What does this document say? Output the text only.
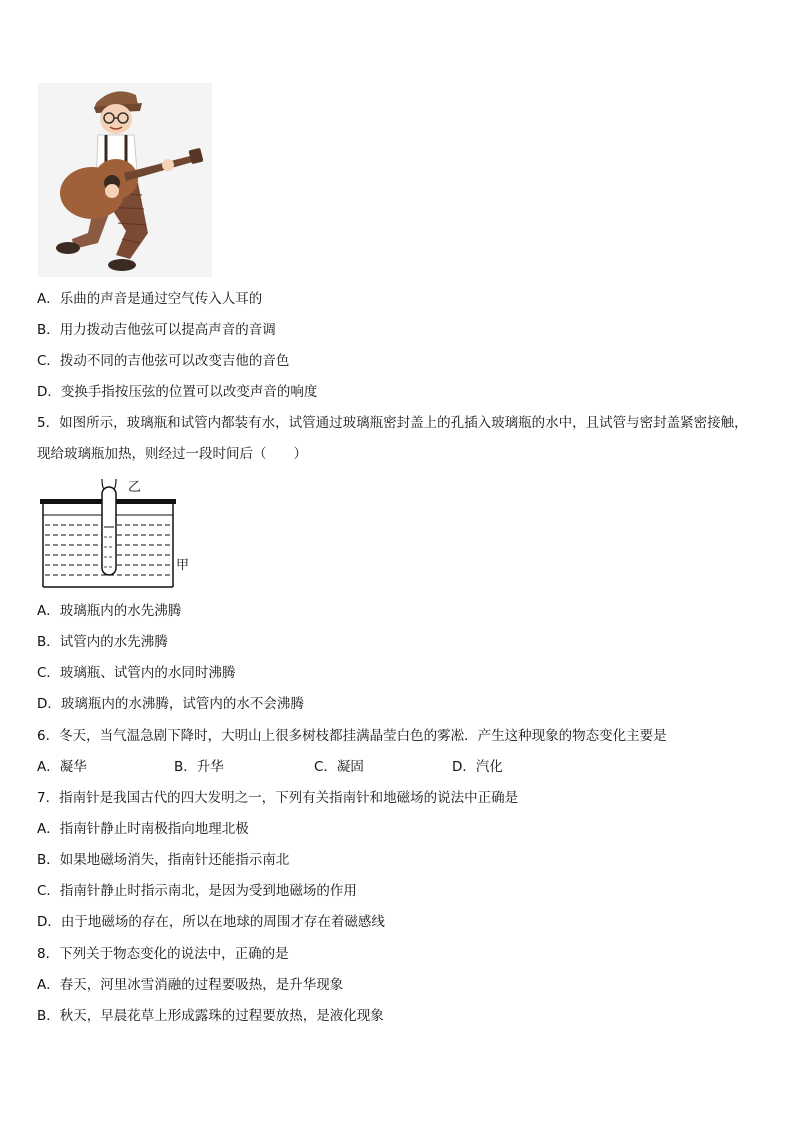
A．乐曲的声音是通过空气传入人耳的
B．用力拨动吉他弦可以提高声音的音调
C．拨动不同的吉他弦可以改变吉他的音色
D．变换手指按压弦的位置可以改变声音的响度
5．如图所示，玻璃瓶和试管内都装有水，试管通过玻璃瓶密封盖上的孔插入玻璃瓶的水中，且试管与密封盖紧密接触，
现给玻璃瓶加热，则经过一段时间后（　　）
乙
甲
A．玻璃瓶内的水先沸腾
B．试管内的水先沸腾
C．玻璃瓶、试管内的水同时沸腾
D．玻璃瓶内的水沸腾，试管内的水不会沸腾
6．冬天，当气温急剧下降时，大明山上很多树枝都挂满晶莹白色的雾凇．产生这种现象的物态变化主要是
A．凝华	B．升华	C．凝固	D．汽化
7．指南针是我国古代的四大发明之一，下列有关指南针和地磁场的说法中正确是
A．指南针静止时南极指向地理北极
B．如果地磁场消失，指南针还能指示南北
C．指南针静止时指示南北，是因为受到地磁场的作用
D．由于地磁场的存在，所以在地球的周围才存在着磁感线
8．下列关于物态变化的说法中，正确的是
A．春天，河里冰雪消融的过程要吸热，是升华现象
B．秋天，早晨花草上形成露珠的过程要放热，是液化现象
